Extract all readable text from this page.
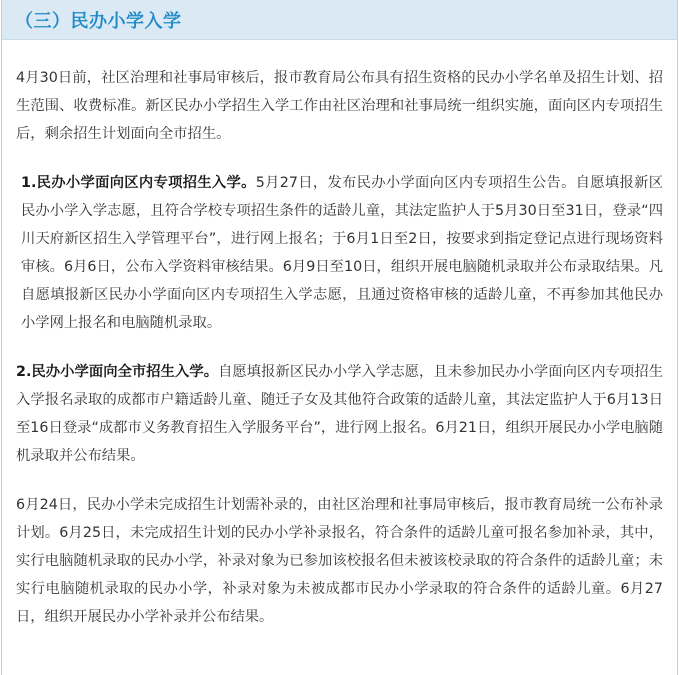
（三）民办小学入学

4月30日前，社区治理和社事局审核后，报市教育局公布具有招生资格的民办小学名单及招生计划、招生范围、收费标准。新区民办小学招生入学工作由社区治理和社事局统一组织实施，面向区内专项招生后，剩余招生计划面向全市招生。

1.民办小学面向区内专项招生入学。5月27日，发布民办小学面向区内专项招生公告。自愿填报新区民办小学入学志愿，且符合学校专项招生条件的适龄儿童，其法定监护人于5月30日至31日，登录“四川天府新区招生入学管理平台”，进行网上报名；于6月1日至2日，按要求到指定登记点进行现场资料审核。6月6日，公布入学资料审核结果。6月9日至10日，组织开展电脑随机录取并公布录取结果。凡自愿填报新区民办小学面向区内专项招生入学志愿，且通过资格审核的适龄儿童，不再参加其他民办小学网上报名和电脑随机录取。

2.民办小学面向全市招生入学。自愿填报新区民办小学入学志愿，且未参加民办小学面向区内专项招生入学报名录取的成都市户籍适龄儿童、随迁子女及其他符合政策的适龄儿童，其法定监护人于6月13日至16日登录“成都市义务教育招生入学服务平台”，进行网上报名。6月21日，组织开展民办小学电脑随机录取并公布结果。

6月24日，民办小学未完成招生计划需补录的，由社区治理和社事局审核后，报市教育局统一公布补录计划。6月25日，未完成招生计划的民办小学补录报名，符合条件的适龄儿童可报名参加补录，其中，实行电脑随机录取的民办小学，补录对象为已参加该校报名但未被该校录取的符合条件的适龄儿童；未实行电脑随机录取的民办小学，补录对象为未被成都市民办小学录取的符合条件的适龄儿童。6月27日，组织开展民办小学补录并公布结果。
